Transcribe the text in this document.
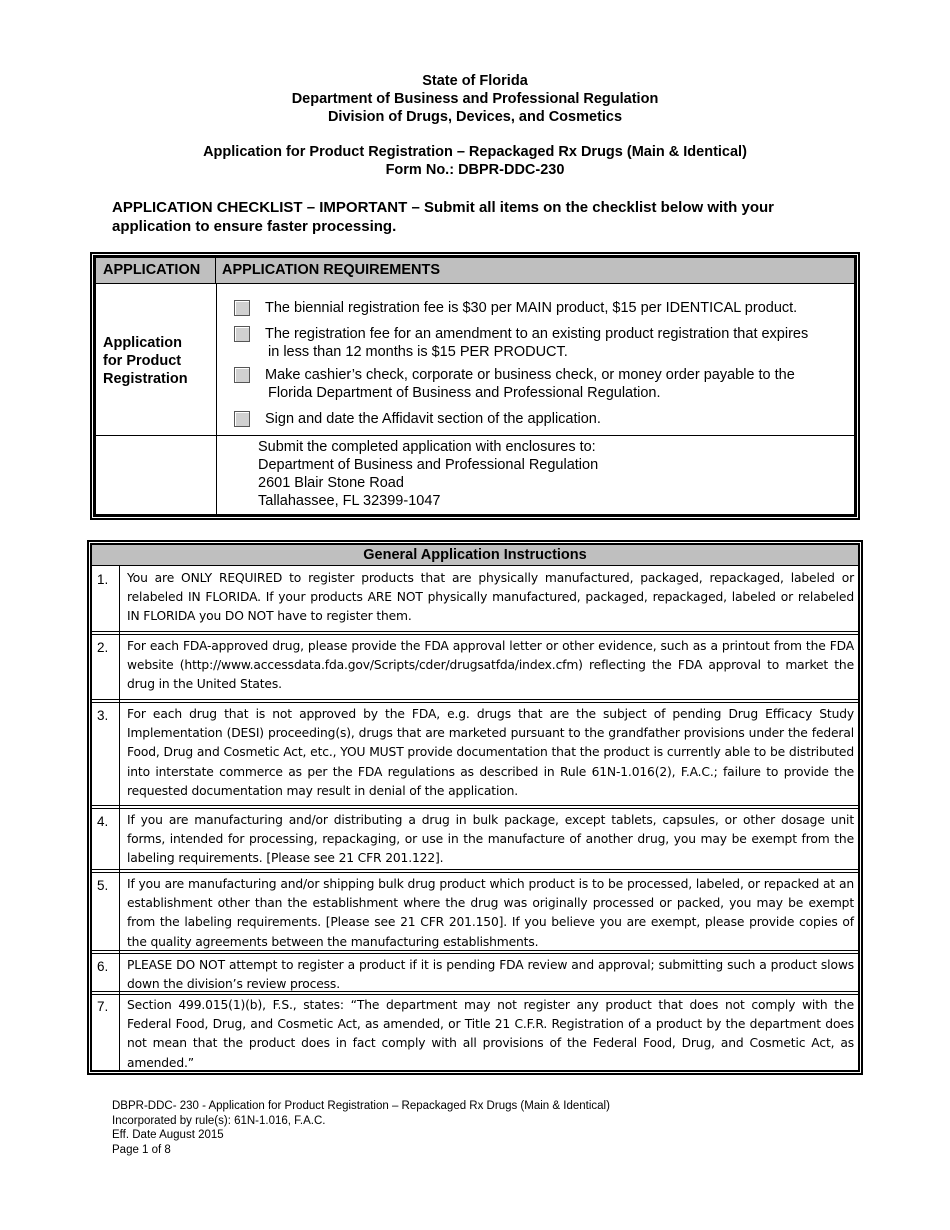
State of Florida
Department of Business and Professional Regulation
Division of Drugs, Devices, and Cosmetics
Application for Product Registration – Repackaged Rx Drugs (Main & Identical)
Form No.: DBPR-DDC-230
APPLICATION CHECKLIST – IMPORTANT – Submit all items on the checklist below with your
application to ensure faster processing.
APPLICATION	APPLICATION REQUIREMENTS
Application
for Product
Registration
The biennial registration fee is $30 per MAIN product, $15 per IDENTICAL product.
The registration fee for an amendment to an existing product registration that expires
in less than 12 months is $15 PER PRODUCT.
Make cashier’s check, corporate or business check, or money order payable to the
Florida Department of Business and Professional Regulation.
Sign and date the Affidavit section of the application.
Submit the completed application with enclosures to:
Department of Business and Professional Regulation
2601 Blair Stone Road
Tallahassee, FL 32399-1047
General Application Instructions
1. You are ONLY REQUIRED to register products that are physically manufactured, packaged, repackaged, labeled or relabeled IN FLORIDA. If your products ARE NOT physically manufactured, packaged, repackaged, labeled or relabeled IN FLORIDA you DO NOT have to register them.
2. For each FDA-approved drug, please provide the FDA approval letter or other evidence, such as a printout from the FDA website (http://www.accessdata.fda.gov/Scripts/cder/drugsatfda/index.cfm) reflecting the FDA approval to market the drug in the United States.
3. For each drug that is not approved by the FDA, e.g. drugs that are the subject of pending Drug Efficacy Study Implementation (DESI) proceeding(s), drugs that are marketed pursuant to the grandfather provisions under the federal Food, Drug and Cosmetic Act, etc., YOU MUST provide documentation that the product is currently able to be distributed into interstate commerce as per the FDA regulations as described in Rule 61N-1.016(2), F.A.C.; failure to provide the requested documentation may result in denial of the application.
4. If you are manufacturing and/or distributing a drug in bulk package, except tablets, capsules, or other dosage unit forms, intended for processing, repackaging, or use in the manufacture of another drug, you may be exempt from the labeling requirements. [Please see 21 CFR 201.122].
5. If you are manufacturing and/or shipping bulk drug product which product is to be processed, labeled, or repacked at an establishment other than the establishment where the drug was originally processed or packed, you may be exempt from the labeling requirements. [Please see 21 CFR 201.150]. If you believe you are exempt, please provide copies of the quality agreements between the manufacturing establishments.
6. PLEASE DO NOT attempt to register a product if it is pending FDA review and approval; submitting such a product slows down the division’s review process.
7. Section 499.015(1)(b), F.S., states: “The department may not register any product that does not comply with the Federal Food, Drug, and Cosmetic Act, as amended, or Title 21 C.F.R. Registration of a product by the department does not mean that the product does in fact comply with all provisions of the Federal Food, Drug, and Cosmetic Act, as amended.”
DBPR-DDC- 230 - Application for Product Registration – Repackaged Rx Drugs (Main & Identical)
Incorporated by rule(s): 61N-1.016, F.A.C.
Eff. Date August 2015
Page 1 of 8
